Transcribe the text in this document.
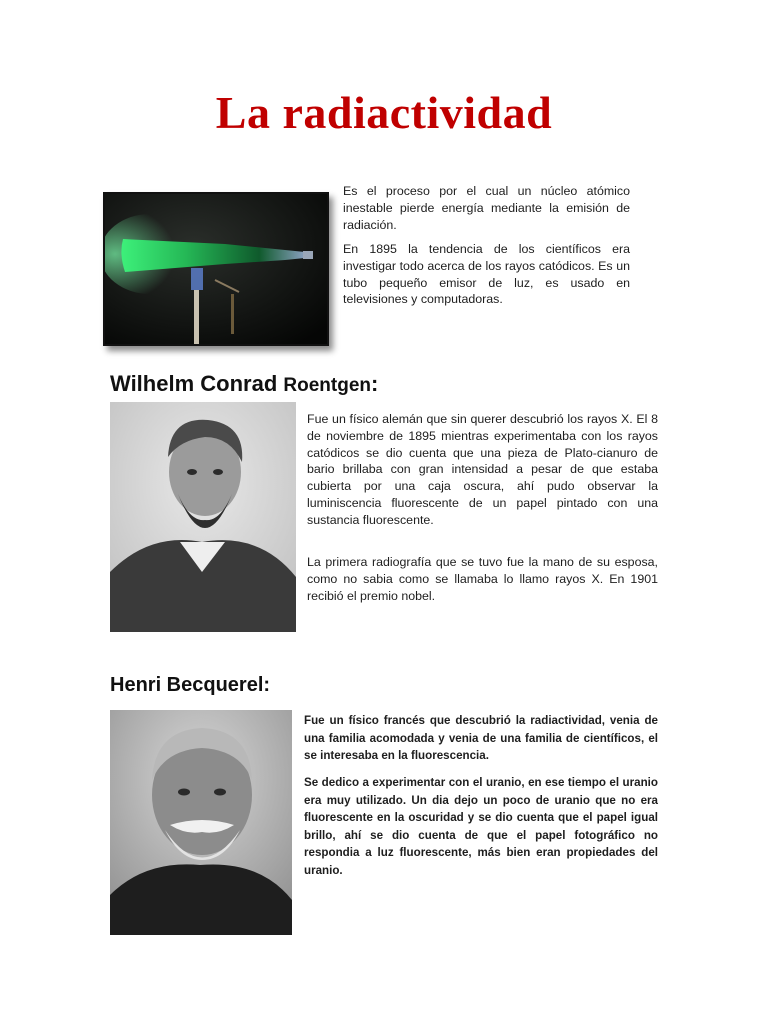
La radiactividad

Es el proceso por el cual un núcleo atómico inestable pierde energía mediante la emisión de radiación.

En 1895 la tendencia de los científicos era investigar todo acerca de los rayos catódicos. Es un tubo pequeño emisor de luz, es usado en televisiones y computadoras.

Wilhelm Conrad Roentgen:

Fue un físico alemán que sin querer descubrió los rayos X. El 8 de noviembre de 1895 mientras experimentaba con los rayos catódicos se dio cuenta que una pieza de Plato-cianuro de bario brillaba con gran intensidad a pesar de que estaba cubierta por una caja oscura, ahí pudo observar la luminiscencia fluorescente de un papel pintado con una sustancia fluorescente.

La primera radiografía que se tuvo fue la mano de su esposa, como no sabia como se llamaba lo llamo rayos X. En 1901 recibió el premio nobel.

Henri Becquerel:

Fue un físico francés que descubrió la radiactividad, venia de una familia acomodada y venia de una familia de científicos, el se interesaba en la fluorescencia.

Se dedico a experimentar con el uranio, en ese tiempo el uranio era muy utilizado. Un dia dejo un poco de uranio que no era fluorescente en la oscuridad y se dio cuenta que el papel igual brillo, ahí se dio cuenta de que el papel fotográfico no respondia a luz fluorescente, más bien eran propiedades del uranio.
